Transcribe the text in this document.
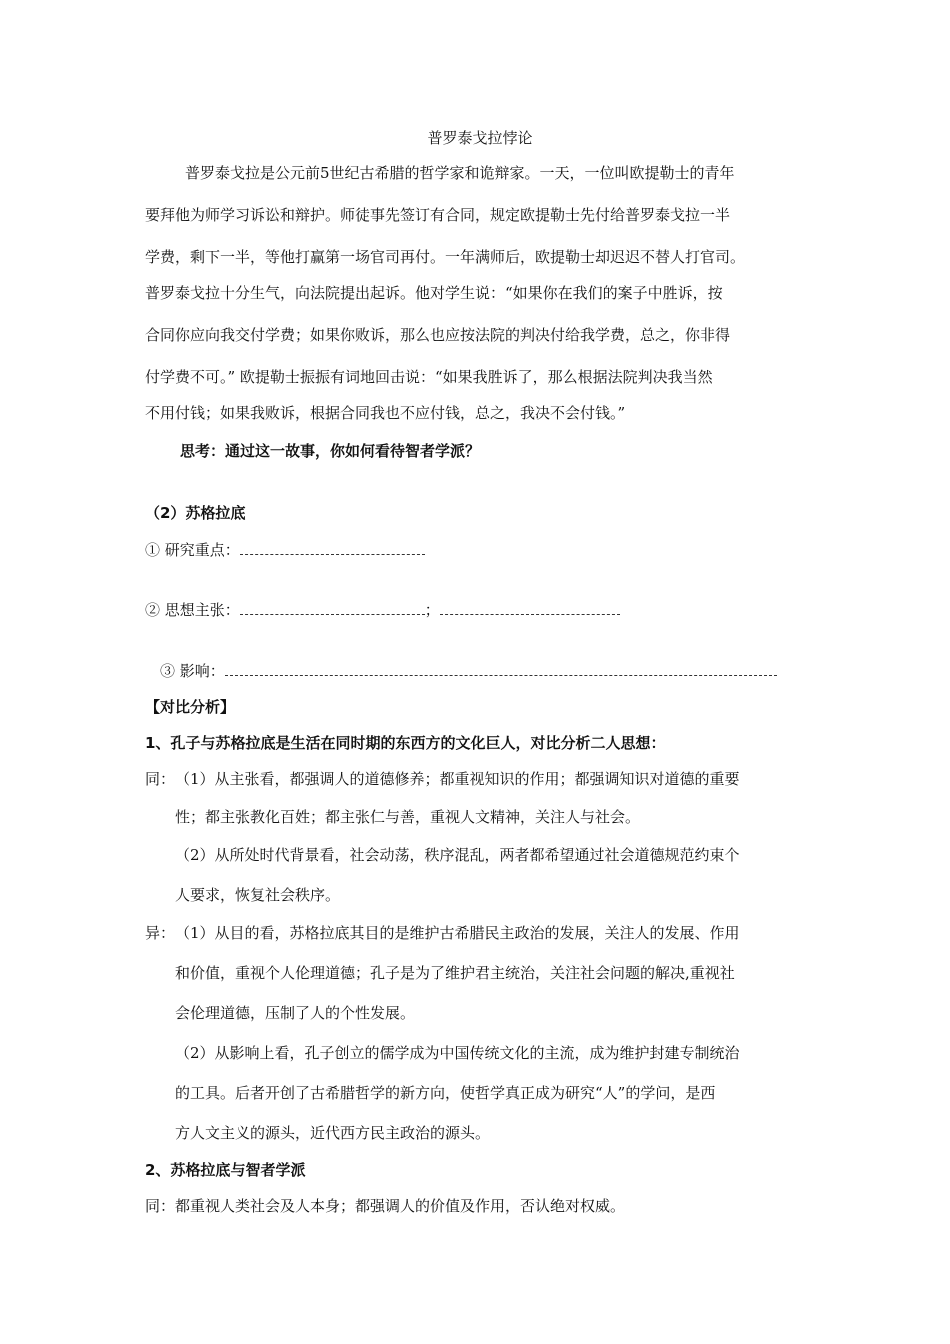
普罗泰戈拉悖论
普罗泰戈拉是公元前5世纪古希腊的哲学家和诡辩家。一天，一位叫欧提勒士的青年
要拜他为师学习诉讼和辩护。师徒事先签订有合同，规定欧提勒士先付给普罗泰戈拉一半
学费，剩下一半，等他打赢第一场官司再付。一年满师后，欧提勒士却迟迟不替人打官司。
普罗泰戈拉十分生气，向法院提出起诉。他对学生说：“如果你在我们的案子中胜诉，按
合同你应向我交付学费；如果你败诉，那么也应按法院的判决付给我学费，总之，你非得
付学费不可。” 欧提勒士振振有词地回击说：“如果我胜诉了，那么根据法院判决我当然
不用付钱；如果我败诉，根据合同我也不应付钱，总之，我决不会付钱。”
思考：通过这一故事，你如何看待智者学派？
（2）苏格拉底
① 研究重点：
② 思想主张：	；
③ 影响：
【对比分析】
1、孔子与苏格拉底是生活在同时期的东西方的文化巨人，对比分析二人思想：
同： （1）从主张看，都强调人的道德修养；都重视知识的作用；都强调知识对道德的重要
性；都主张教化百姓；都主张仁与善，重视人文精神，关注人与社会。
（2）从所处时代背景看，社会动荡，秩序混乱，两者都希望通过社会道德规范约束个
人要求，恢复社会秩序。
异： （1）从目的看，苏格拉底其目的是维护古希腊民主政治的发展，关注人的发展、作用
和价值，重视个人伦理道德；孔子是为了维护君主统治，关注社会问题的解决,重视社
会伦理道德，压制了人的个性发展。
（2）从影响上看，孔子创立的儒学成为中国传统文化的主流，成为维护封建专制统治
的工具。后者开创了古希腊哲学的新方向，使哲学真正成为研究“人”的学问，是西
方人文主义的源头，近代西方民主政治的源头。
2、苏格拉底与智者学派
同：都重视人类社会及人本身；都强调人的价值及作用，否认绝对权威。
